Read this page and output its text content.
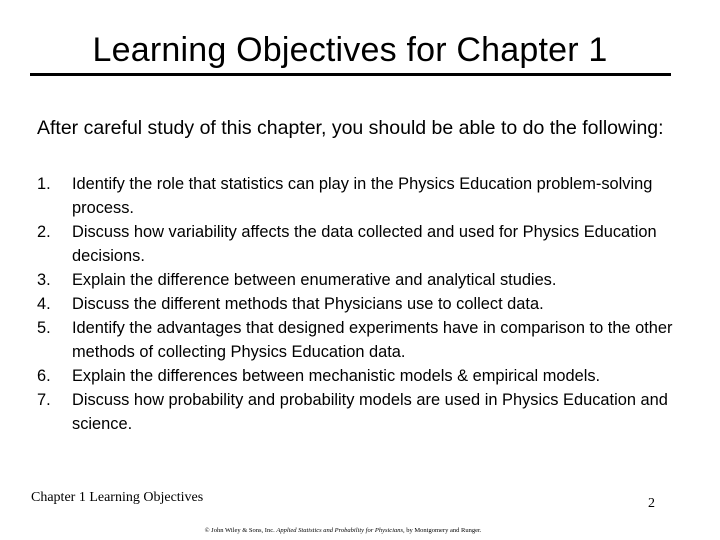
Learning Objectives for Chapter 1
After careful study of this chapter, you should be able to do the following:
1.	Identify the role that statistics can play in the Physics Education problem-solving process.
2.	Discuss how variability affects the data collected and used for Physics Education decisions.
3.	Explain the difference between enumerative and analytical studies.
4.	Discuss the different methods that Physicians use to collect data.
5.	Identify the advantages that designed experiments have in comparison to the other methods of collecting Physics Education data.
6.	Explain the differences between mechanistic models & empirical models.
7.	Discuss how probability and probability models are used in Physics Education and science.
Chapter 1 Learning Objectives	2
© John Wiley & Sons, Inc. Applied Statistics and Probability for Physicians, by Montgomery and Runger.
